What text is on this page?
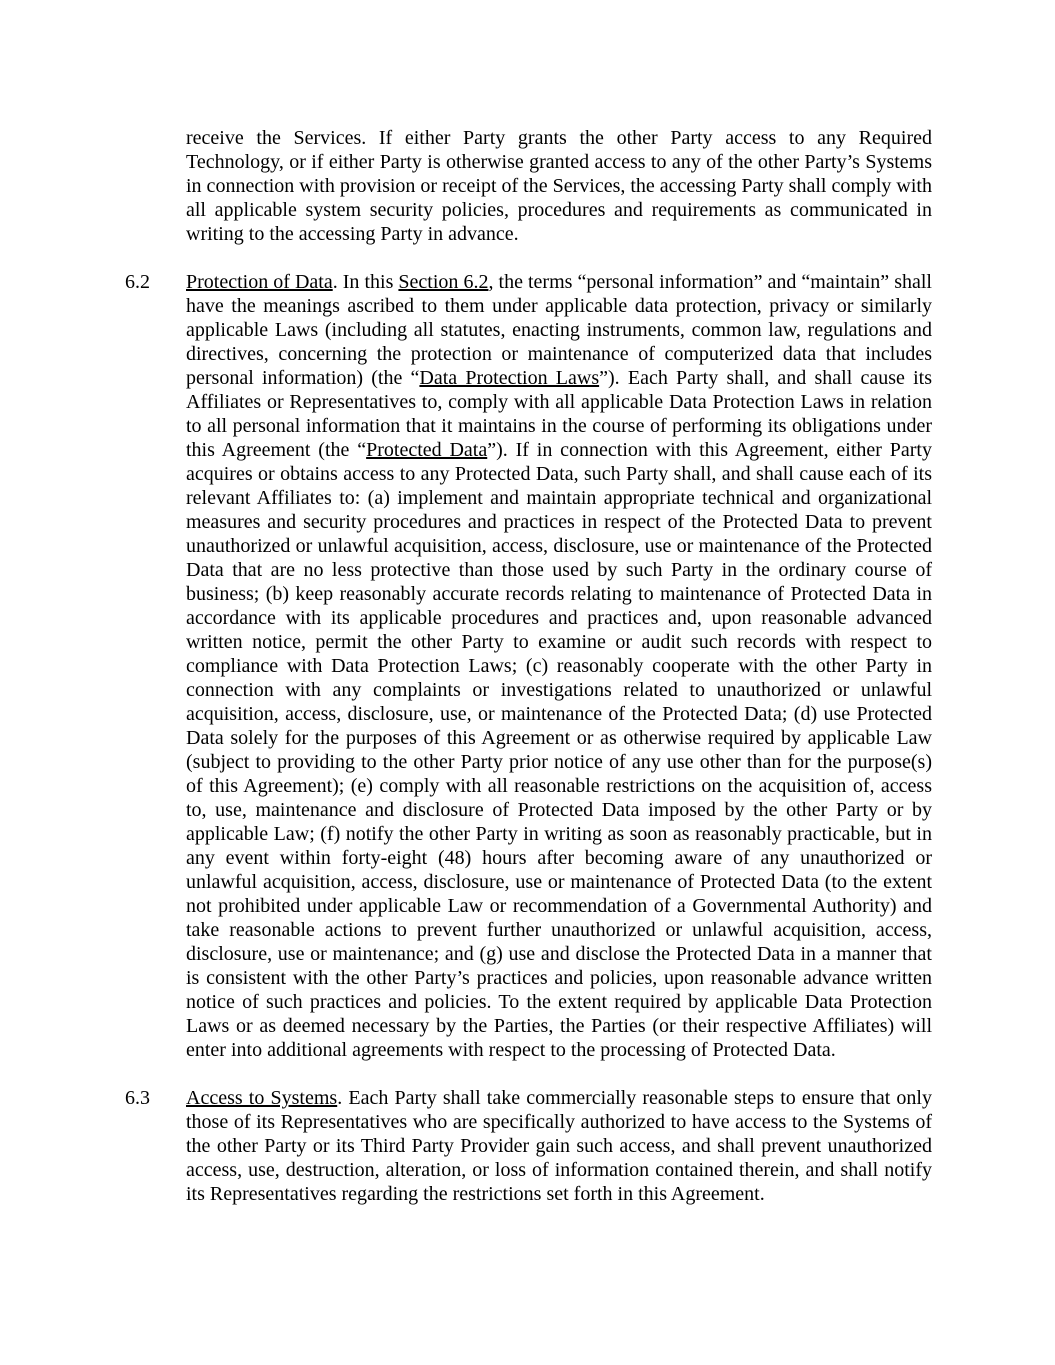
receive the Services. If either Party grants the other Party access to any Required Technology, or if either Party is otherwise granted access to any of the other Party’s Systems in connection with provision or receipt of the Services, the accessing Party shall comply with all applicable system security policies, procedures and requirements as communicated in writing to the accessing Party in advance.
6.2	Protection of Data. In this Section 6.2, the terms “personal information” and “maintain” shall have the meanings ascribed to them under applicable data protection, privacy or similarly applicable Laws (including all statutes, enacting instruments, common law, regulations and directives, concerning the protection or maintenance of computerized data that includes personal information) (the “Data Protection Laws”). Each Party shall, and shall cause its Affiliates or Representatives to, comply with all applicable Data Protection Laws in relation to all personal information that it maintains in the course of performing its obligations under this Agreement (the “Protected Data”). If in connection with this Agreement, either Party acquires or obtains access to any Protected Data, such Party shall, and shall cause each of its relevant Affiliates to: (a) implement and maintain appropriate technical and organizational measures and security procedures and practices in respect of the Protected Data to prevent unauthorized or unlawful acquisition, access, disclosure, use or maintenance of the Protected Data that are no less protective than those used by such Party in the ordinary course of business; (b) keep reasonably accurate records relating to maintenance of Protected Data in accordance with its applicable procedures and practices and, upon reasonable advanced written notice, permit the other Party to examine or audit such records with respect to compliance with Data Protection Laws; (c) reasonably cooperate with the other Party in connection with any complaints or investigations related to unauthorized or unlawful acquisition, access, disclosure, use, or maintenance of the Protected Data; (d) use Protected Data solely for the purposes of this Agreement or as otherwise required by applicable Law (subject to providing to the other Party prior notice of any use other than for the purpose(s) of this Agreement); (e) comply with all reasonable restrictions on the acquisition of, access to, use, maintenance and disclosure of Protected Data imposed by the other Party or by applicable Law; (f) notify the other Party in writing as soon as reasonably practicable, but in any event within forty-eight (48) hours after becoming aware of any unauthorized or unlawful acquisition, access, disclosure, use or maintenance of Protected Data (to the extent not prohibited under applicable Law or recommendation of a Governmental Authority) and take reasonable actions to prevent further unauthorized or unlawful acquisition, access, disclosure, use or maintenance; and (g) use and disclose the Protected Data in a manner that is consistent with the other Party’s practices and policies, upon reasonable advance written notice of such practices and policies. To the extent required by applicable Data Protection Laws or as deemed necessary by the Parties, the Parties (or their respective Affiliates) will enter into additional agreements with respect to the processing of Protected Data.
6.3	Access to Systems. Each Party shall take commercially reasonable steps to ensure that only those of its Representatives who are specifically authorized to have access to the Systems of the other Party or its Third Party Provider gain such access, and shall prevent unauthorized access, use, destruction, alteration, or loss of information contained therein, and shall notify its Representatives regarding the restrictions set forth in this Agreement.
